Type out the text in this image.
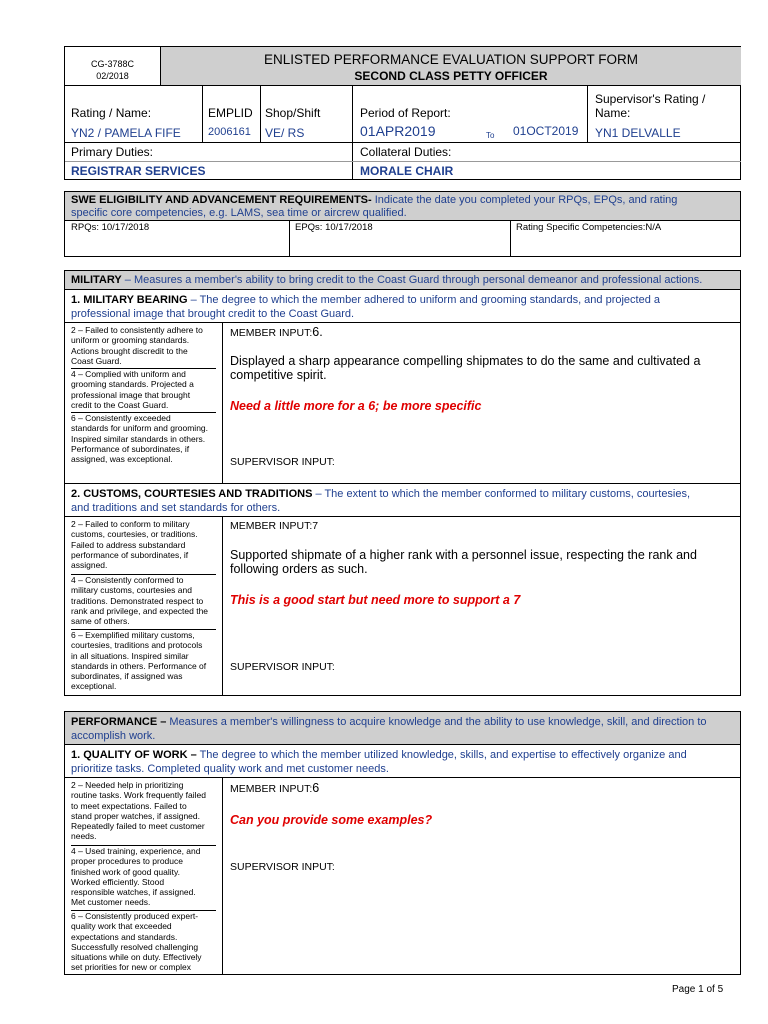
CG-3788C
02/2018
ENLISTED PERFORMANCE EVALUATION SUPPORT FORM
SECOND CLASS PETTY OFFICER
Rating / Name:
YN2 / PAMELA FIFE
EMPLID
2006161
Shop/Shift
VE/ RS
Period of Report:
01APR2019	To 01OCT2019
Supervisor's Rating / Name:
YN1 DELVALLE
Primary Duties:
REGISTRAR SERVICES
Collateral Duties:
MORALE CHAIR
SWE ELIGIBILITY AND ADVANCEMENT REQUIREMENTS- Indicate the date you completed your RPQs, EPQs, and rating
specific core competencies, e.g. LAMS, sea time or aircrew qualified.
RPQs: 10/17/2018	EPQs: 10/17/2018	Rating Specific Competencies:N/A
MILITARY – Measures a member's ability to bring credit to the Coast Guard through personal demeanor and professional actions.
1. MILITARY BEARING – The degree to which the member adhered to uniform and grooming standards, and projected a
professional image that brought credit to the Coast Guard.
2 – Failed to consistently adhere to
uniform or grooming standards.
Actions brought discredit to the
Coast Guard.
4 – Complied with uniform and
grooming standards. Projected a
professional image that brought
credit to the Coast Guard.
6 – Consistently exceeded
standards for uniform and grooming.
Inspired similar standards in others.
Performance of subordinates, if
assigned, was exceptional.
MEMBER INPUT:6.
Displayed a sharp appearance compelling shipmates to do the same and cultivated a
competitive spirit.
Need a little more for a 6; be more specific
SUPERVISOR INPUT:
2. CUSTOMS, COURTESIES AND TRADITIONS – The extent to which the member conformed to military customs, courtesies,
and traditions and set standards for others.
2 – Failed to conform to military
customs, courtesies, or traditions.
Failed to address substandard
performance of subordinates, if
assigned.
4 – Consistently conformed to
military customs, courtesies and
traditions. Demonstrated respect to
rank and privilege, and expected the
same of others.
6 – Exemplified military customs,
courtesies, traditions and protocols
in all situations. Inspired similar
standards in others. Performance of
subordinates, if assigned was
exceptional.
MEMBER INPUT:7
Supported shipmate of a higher rank with a personnel issue, respecting the rank and
following orders as such.
This is a good start but need more to support a 7
SUPERVISOR INPUT:
PERFORMANCE – Measures a member's willingness to acquire knowledge and the ability to use knowledge, skill, and direction to
accomplish work.
1. QUALITY OF WORK – The degree to which the member utilized knowledge, skills, and expertise to effectively organize and
prioritize tasks. Completed quality work and met customer needs.
2 – Needed help in prioritizing
routine tasks. Work frequently failed
to meet expectations. Failed to
stand proper watches, if assigned.
Repeatedly failed to meet customer
needs.
4 – Used training, experience, and
proper procedures to produce
finished work of good quality.
Worked efficiently. Stood
responsible watches, if assigned.
Met customer needs.
6 – Consistently produced expert-
quality work that exceeded
expectations and standards.
Successfully resolved challenging
situations while on duty. Effectively
set priorities for new or complex
MEMBER INPUT:6
Can you provide some examples?
SUPERVISOR INPUT:
Page 1 of 5
